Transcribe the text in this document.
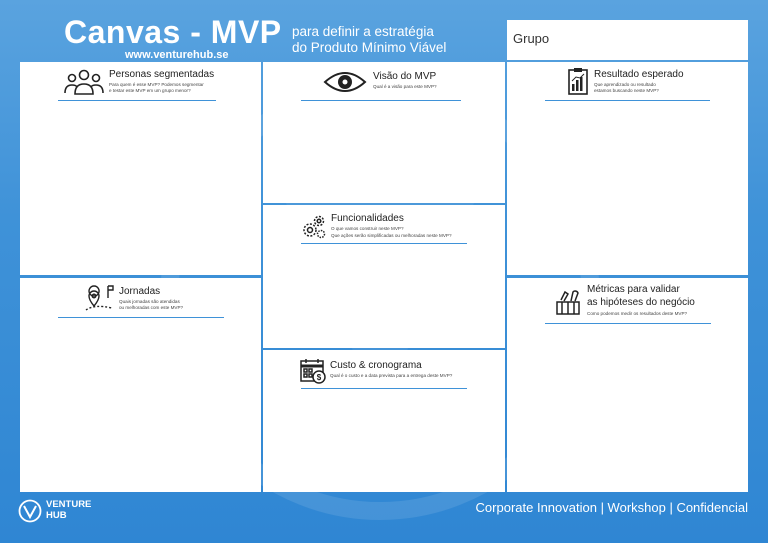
Canvas - MVP
www.venturehub.se
para definir a estratégia
do Produto Mínimo Viável
Grupo
Personas segmentadas
Para quem é esse MVP? Podemos segmentar
e testar este MVP em um grupo menor?
Visão do MVP
Qual é a visão para este MVP?
Resultado esperado
Que aprendizado ou resultado
estamos buscando neste MVP?
Funcionalidades
O que vamos construir neste MVP?
Que ações serão simplificadas ou melhoradas neste MVP?
Jornadas
Quais jornadas são atendidas
ou melhoradas com este MVP?
Métricas para validar
as hipóteses do negócio
Como podemos medir os resultados deste MVP?
$
Custo & cronograma
Qual é o custo e a data prevista para a entrega deste MVP?
VENTURE
HUB
Corporate Innovation | Workshop | Confidencial
